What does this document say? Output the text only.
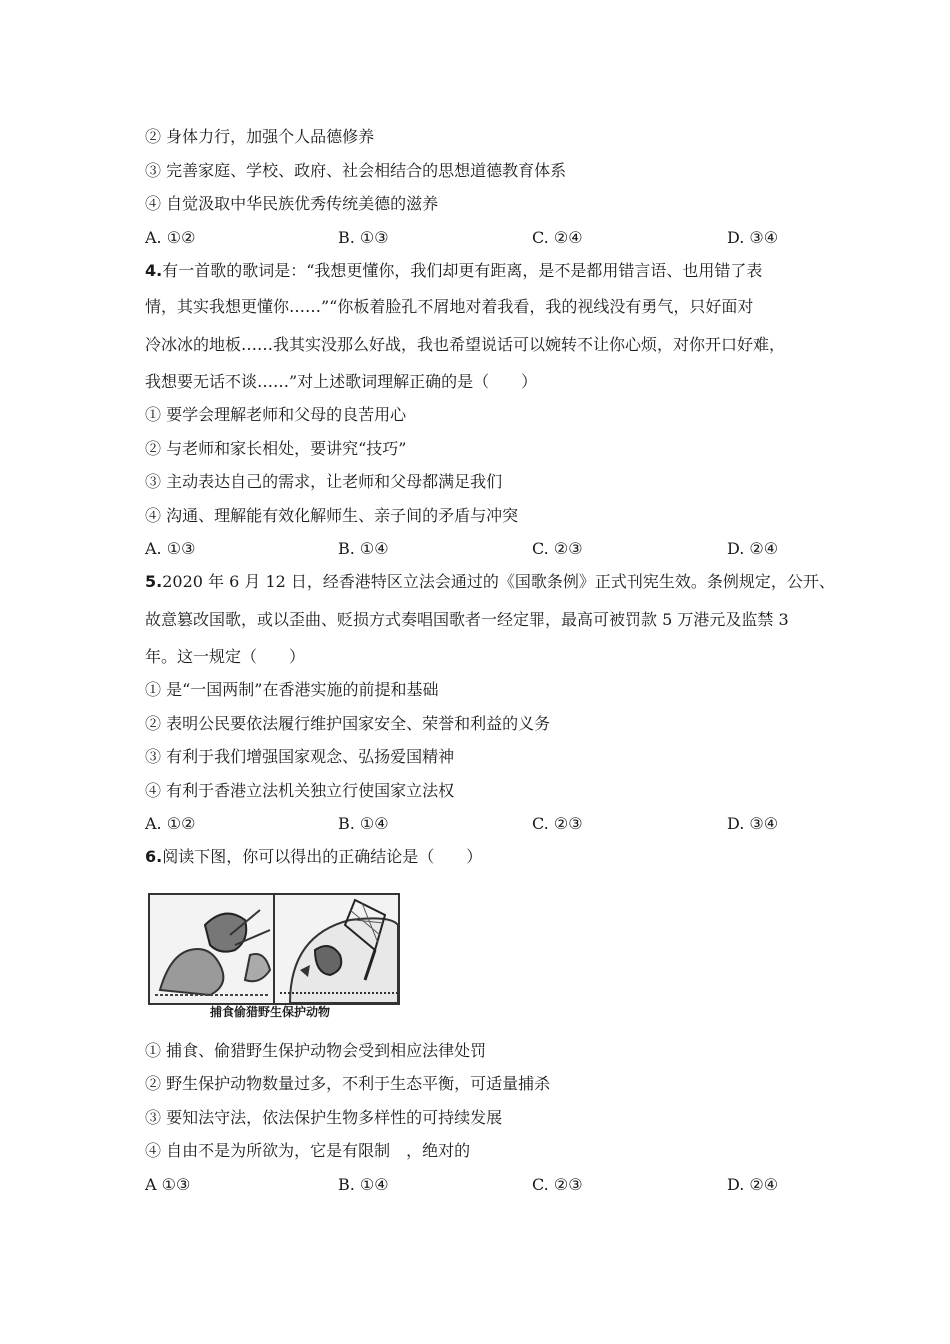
② 身体力行，加强个人品德修养
③ 完善家庭、学校、政府、社会相结合的思想道德教育体系
④ 自觉汲取中华民族优秀传统美德的滋养
A. ①②	B. ①③	C. ②④	D. ③④
4.有一首歌的歌词是：“我想更懂你，我们却更有距离，是不是都用错言语、也用错了表
情，其实我想更懂你……”“你板着脸孔不屑地对着我看，我的视线没有勇气，只好面对
冷冰冰的地板……我其实没那么好战，我也希望说话可以婉转不让你心烦，对你开口好难，
我想要无话不谈……”对上述歌词理解正确的是（　　）
① 要学会理解老师和父母的良苦用心
② 与老师和家长相处，要讲究“技巧”
③ 主动表达自己的需求，让老师和父母都满足我们
④ 沟通、理解能有效化解师生、亲子间的矛盾与冲突
A. ①③	B. ①④	C. ②③	D. ②④
5.2020 年 6 月 12 日，经香港特区立法会通过的《国歌条例》正式刊宪生效。条例规定，公开、
故意篡改国歌，或以歪曲、贬损方式奏唱国歌者一经定罪，最高可被罚款 5 万港元及监禁 3
年。这一规定（　　）
① 是“一国两制”在香港实施的前提和基础
② 表明公民要依法履行维护国家安全、荣誉和利益的义务
③ 有利于我们增强国家观念、弘扬爱国精神
④ 有利于香港立法机关独立行使国家立法权
A. ①②	B. ①④	C. ②③	D. ③④
6.阅读下图，你可以得出的正确结论是（　　）
捕食偷猎野生保护动物
① 捕食、偷猎野生保护动物会受到相应法律处罚
② 野生保护动物数量过多，不利于生态平衡，可适量捕杀
③ 要知法守法，依法保护生物多样性的可持续发展
④ 自由不是为所欲为，它是有限制　，绝对的
A ①③	B. ①④	C. ②③	D. ②④
